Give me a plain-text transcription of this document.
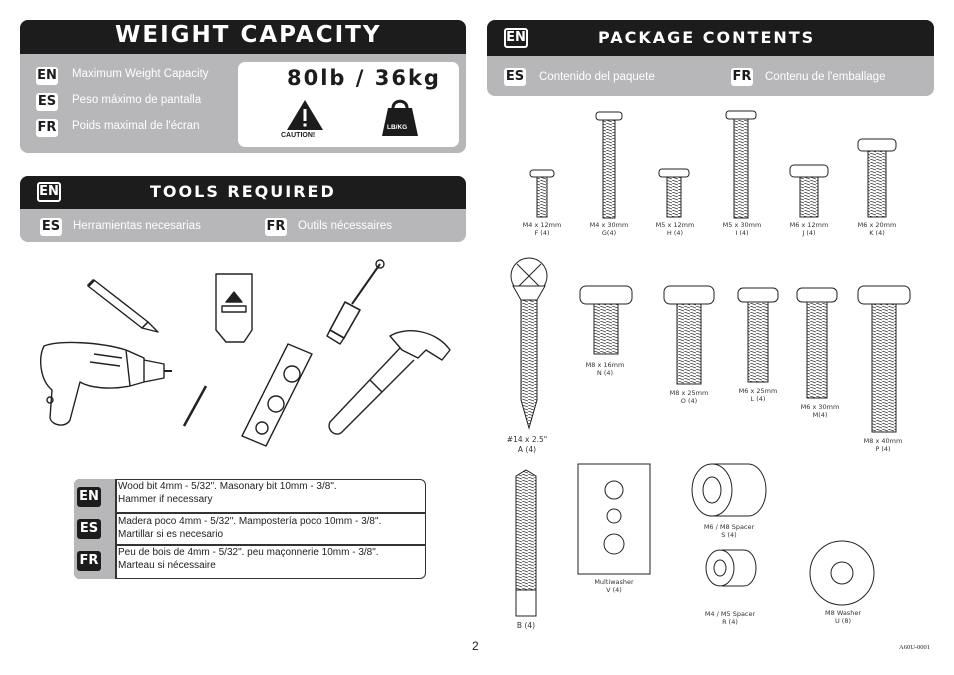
WEIGHT CAPACITY
EN Maximum Weight Capacity
ES Peso máximo de pantalla
FR Poids maximal de l'écran
80lb / 36kg
CAUTION!
LB/KG
EN	TOOLS REQUIRED
ES Herramientas necesarias	FR Outils nécessaires
EN	PACKAGE CONTENTS
ES Contenido del paquete	FR Contenu de l'emballage
EN
Wood bit 4mm - 5/32". Masonary bit 10mm - 3/8".
Hammer if necessary
ES Madera poco 4mm - 5/32". Mampostería poco 10mm - 3/8".
Martillar si es necesario
FR
Peu de bois de 4mm - 5/32". peu maçonnerie 10mm - 3/8".
Marteau si nécessaire
M4 x 12mm
F (4)
M4 x 30mm
G(4)
M5 x 12mm
H (4)
M5 x 30mm
I (4)
M6 x 12mm
J (4)
M6 x 20mm
K (4)
#14 x 2.5"
A (4)
M8 x 16mm
N (4)
M8 x 25mm
O (4)
M6 x 25mm
L (4)
M6 x 30mm
M(4)
M8 x 40mm
P (4)
B (4)
Multiwasher
V (4)
M6 / M8 Spacer
S (4)
M4 / M5 Spacer
R (4)
M8 Washer
U (8)
2	A60U-0001
